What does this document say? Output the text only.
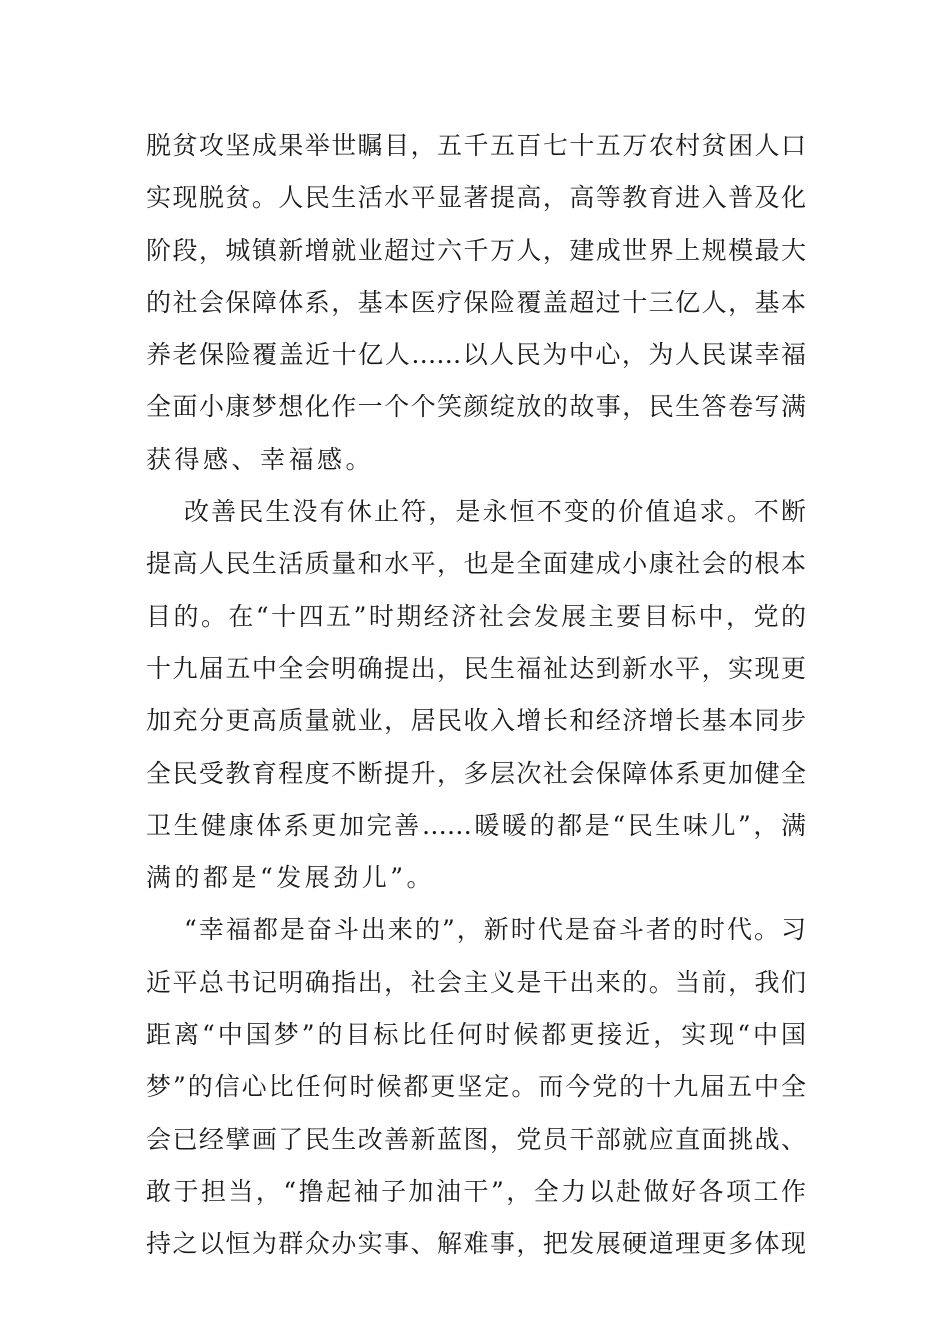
脱贫攻坚成果举世瞩目，五千五百七十五万农村贫困人口
实现脱贫。人民生活水平显著提高，高等教育进入普及化
阶段，城镇新增就业超过六千万人，建成世界上规模最大
的社会保障体系，基本医疗保险覆盖超过十三亿人，基本
养老保险覆盖近十亿人……以人民为中心，为人民谋幸福
全面小康梦想化作一个个笑颜绽放的故事，民生答卷写满
获得感、幸福感。
改善民生没有休止符，是永恒不变的价值追求。不断
提高人民生活质量和水平，也是全面建成小康社会的根本
目的。在“十四五”时期经济社会发展主要目标中，党的
十九届五中全会明确提出，民生福祉达到新水平，实现更
加充分更高质量就业，居民收入增长和经济增长基本同步
全民受教育程度不断提升，多层次社会保障体系更加健全
卫生健康体系更加完善……暖暖的都是“民生味儿”，满
满的都是“发展劲儿”。
“幸福都是奋斗出来的”，新时代是奋斗者的时代。习
近平总书记明确指出，社会主义是干出来的。当前，我们
距离“中国梦”的目标比任何时候都更接近，实现“中国
梦”的信心比任何时候都更坚定。而今党的十九届五中全
会已经擘画了民生改善新蓝图，党员干部就应直面挑战、
敢于担当，“撸起袖子加油干”，全力以赴做好各项工作
持之以恒为群众办实事、解难事，把发展硬道理更多体现
